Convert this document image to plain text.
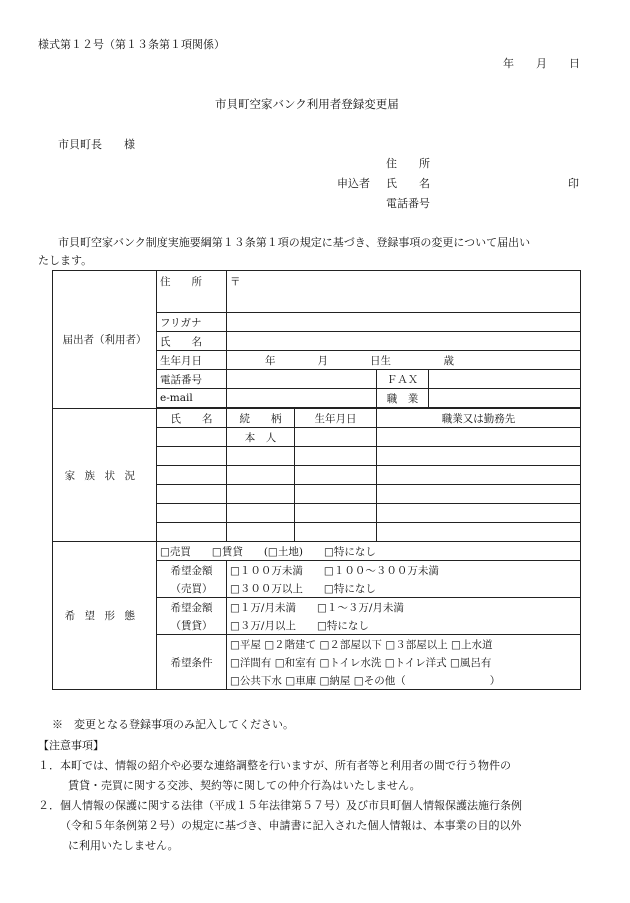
様式第１２号（第１３条第１項関係）
年　　月　　日
市貝町空家バンク利用者登録変更届
市貝町長　　様
住　　所
申込者 氏　　名	印
電話番号
市貝町空家バンク制度実施要綱第１３条第１項の規定に基づき、登録事項の変更について届出い
たします。
届出者（利用者）	住　　所	〒			
	フリガナ				
	氏　　名				
	生年月日	年　　　　月　　　　日生　　　　　歳			
	電話番号			ＦＡＸ	
	e-mail			職　業	

家族状況	氏　　名	続　　柄	生年月日	職業又は勤務先	
		本　人			

希望形態	□売買　　□賃貸　　(□土地)　　□特になし				
	希望金額	□１００万未満　　□１００～３００万未満			
	（売買）	□３００万以上　　□特になし			
	希望金額	□１万/月未満　　□１～３万/月未満			
	（賃貸）	□３万/月以上　　□特になし			
	希望条件	□平屋 □２階建て □２部屋以下 □３部屋以上 □上水道			
		□洋間有 □和室有 □トイレ水洗 □トイレ洋式 □風呂有			
		□公共下水 □車庫 □納屋 □その他（　　　　　　　　）			
※　変更となる登録事項のみ記入してください。
【注意事項】
１．本町では、情報の紹介や必要な連絡調整を行いますが、所有者等と利用者の間で行う物件の
賃貸・売買に関する交渉、契約等に関しての仲介行為はいたしません。
２．個人情報の保護に関する法律（平成１５年法律第５７号）及び市貝町個人情報保護法施行条例
（令和５年条例第２号）の規定に基づき、申請書に記入された個人情報は、本事業の目的以外
に利用いたしません。
